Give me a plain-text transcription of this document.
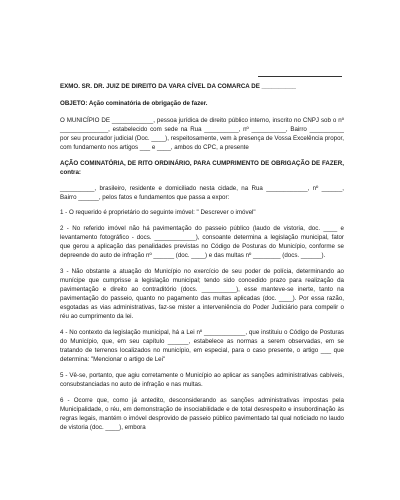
EXMO. SR. DR. JUIZ DE DIREITO DA VARA CÍVEL DA COMARCA DE __________

OBJETO: Ação cominatória de obrigação de fazer.

O MUNICÍPIO DE ____________, pessoa jurídica de direito público interno, inscrito no CNPJ sob o nº ______________, estabelecido com sede na Rua __________, nº __________, Bairro __________ por seu procurador judicial (Doc. ____), respeitosamente, vem à presença de Vossa Excelência propor, com fundamento nos artigos ___ e ____, ambos do CPC, a presente

AÇÃO COMINATÓRIA, DE RITO ORDINÁRIO, PARA CUMPRIMENTO DE OBRIGAÇÃO DE FAZER, contra:

__________, brasileiro, residente e domiciliado nesta cidade, na Rua ____________, nº ______, Bairro ______, pelos fatos e fundamentos que passa a expor:

1 - O requerido é proprietário do seguinte imóvel: " Descrever o imóvel"

2 - No referido imóvel não há pavimentação do passeio público (laudo de vistoria, doc. ____ e levantamento fotográfico - docs. ____________), consoante determina a legislação municipal, fator que gerou a aplicação das penalidades previstas no Código de Posturas do Município, conforme se depreende do auto de infração nº ______ (doc. ____) e das multas nº ________ (docs. ______).

3 - Não obstante a atuação do Município no exercício de seu poder de polícia, determinando ao munícipe que cumprisse a legislação municipal; tendo sido concedido prazo para realização da pavimentação e direito ao contraditório (docs. __________), esse manteve-se inerte, tanto na pavimentação do passeio, quanto no pagamento das multas aplicadas (doc. ____). Por essa razão, esgotadas as vias administrativas, faz-se mister a interveniência do Poder Judiciário para compelir o réu ao cumprimento da lei.

4 - No contexto da legislação municipal, há a Lei nº ____________, que instituiu o Código de Posturas do Município, que, em seu capítulo ______, estabelece as normas a serem observadas, em se tratando de terrenos localizados no município, em especial, para o caso presente, o artigo ___ que determina: "Mencionar o artigo de Lei"

5 - Vê-se, portanto, que agiu corretamente o Município ao aplicar as sanções administrativas cabíveis, consubstanciadas no auto de infração e nas multas.

6 - Ocorre que, como já antedito, desconsiderando as sanções administrativas impostas pela Municipalidade, o réu, em demonstração de insociabilidade e de total desrespeito e insubordinação às regras legais, mantém o imóvel desprovido de passeio público pavimentado tal qual noticiado no laudo de vistoria (doc. ____), embora
